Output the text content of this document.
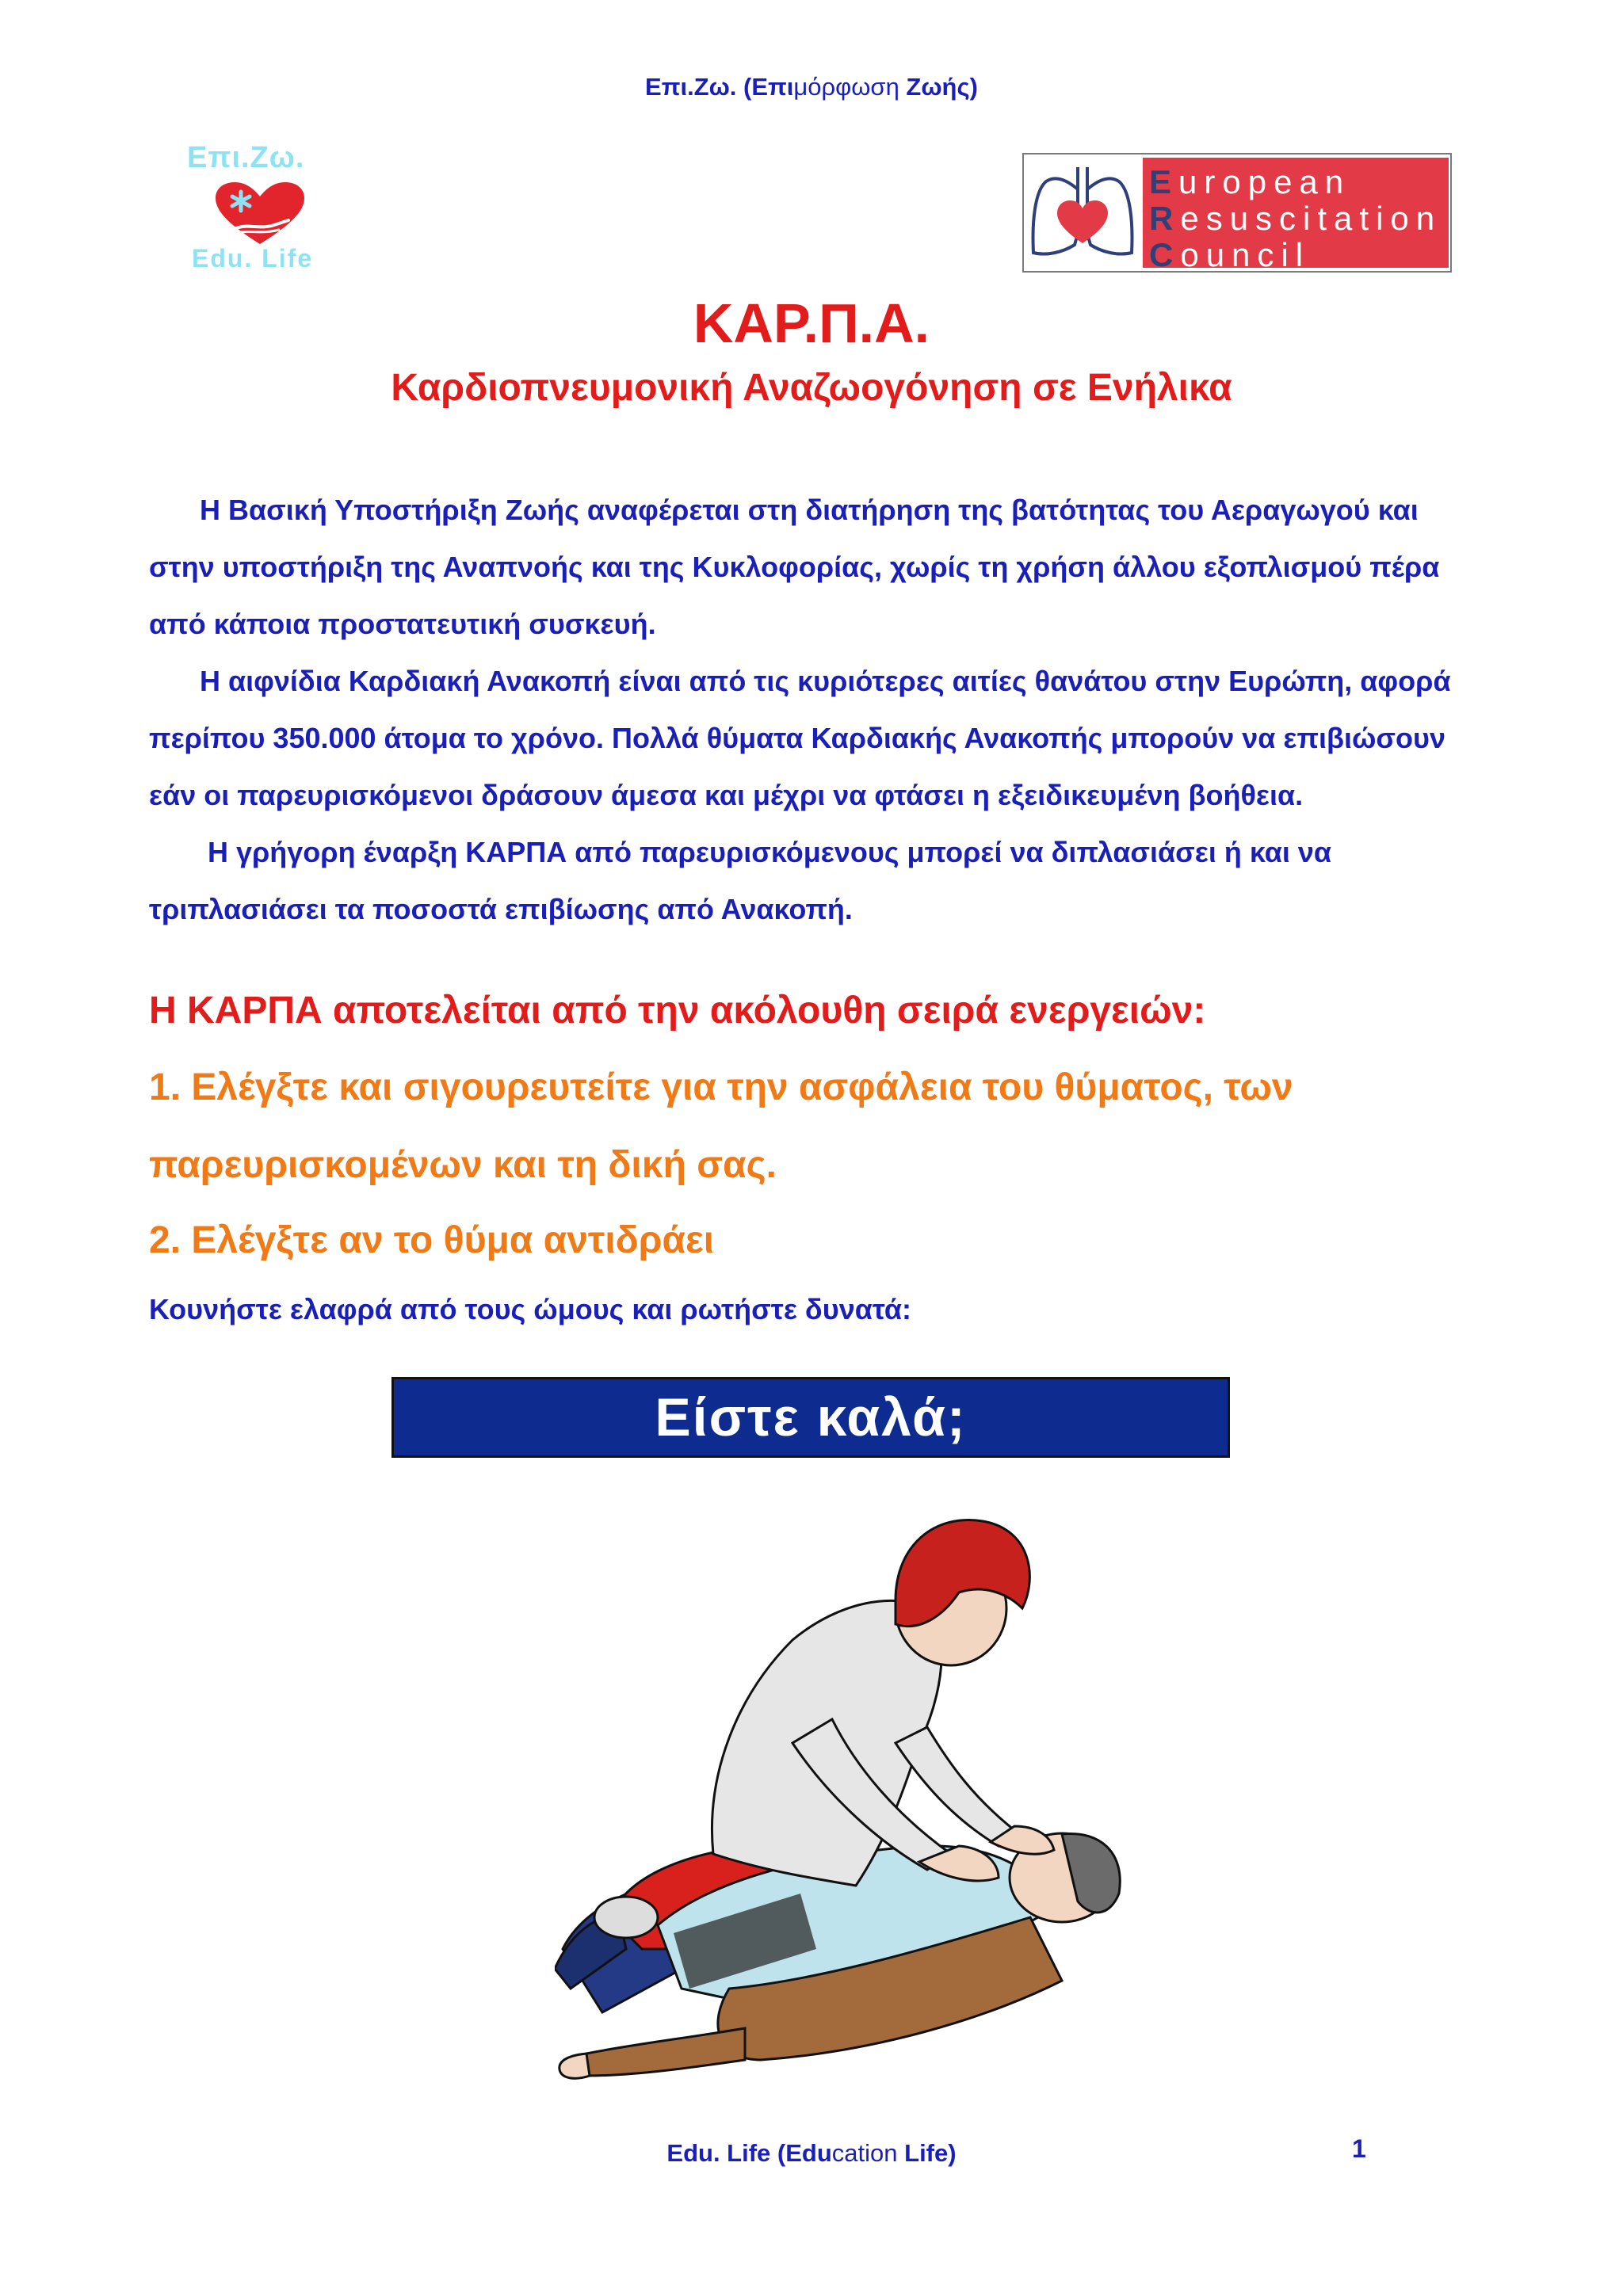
Επι.Ζω. (Επιμόρφωση Ζωής)
Επι.Ζω.
Edu. Life
European
Resuscitation
Council
ΚΑΡ.Π.Α.
Καρδιοπνευμονική Αναζωογόνηση σε Ενήλικα

Η Βασική Υποστήριξη Ζωής αναφέρεται στη διατήρηση της βατότητας του Αεραγωγού και στην υποστήριξη της Αναπνοής και της Κυκλοφορίας, χωρίς τη χρήση άλλου εξοπλισμού πέρα από κάποια προστατευτική συσκευή.

Η αιφνίδια Καρδιακή Ανακοπή είναι από τις κυριότερες αιτίες θανάτου στην Ευρώπη, αφορά περίπου 350.000 άτομα το χρόνο. Πολλά θύματα Καρδιακής Ανακοπής μπορούν να επιβιώσουν εάν οι παρευρισκόμενοι δράσουν άμεσα και μέχρι να φτάσει η εξειδικευμένη βοήθεια.

Η γρήγορη έναρξη ΚΑΡΠΑ από παρευρισκόμενους μπορεί να διπλασιάσει ή και να τριπλασιάσει τα ποσοστά επιβίωσης από Ανακοπή.

Η ΚΑΡΠΑ αποτελείται από την ακόλουθη σειρά ενεργειών:
1. Ελέγξτε και σιγουρευτείτε για την ασφάλεια του θύματος, των
παρευρισκομένων και τη δική σας.
2. Ελέγξτε αν το θύμα αντιδράει
Κουνήστε ελαφρά από τους ώμους και ρωτήστε δυνατά:
Είστε καλά;
Edu. Life (Education Life)	1
